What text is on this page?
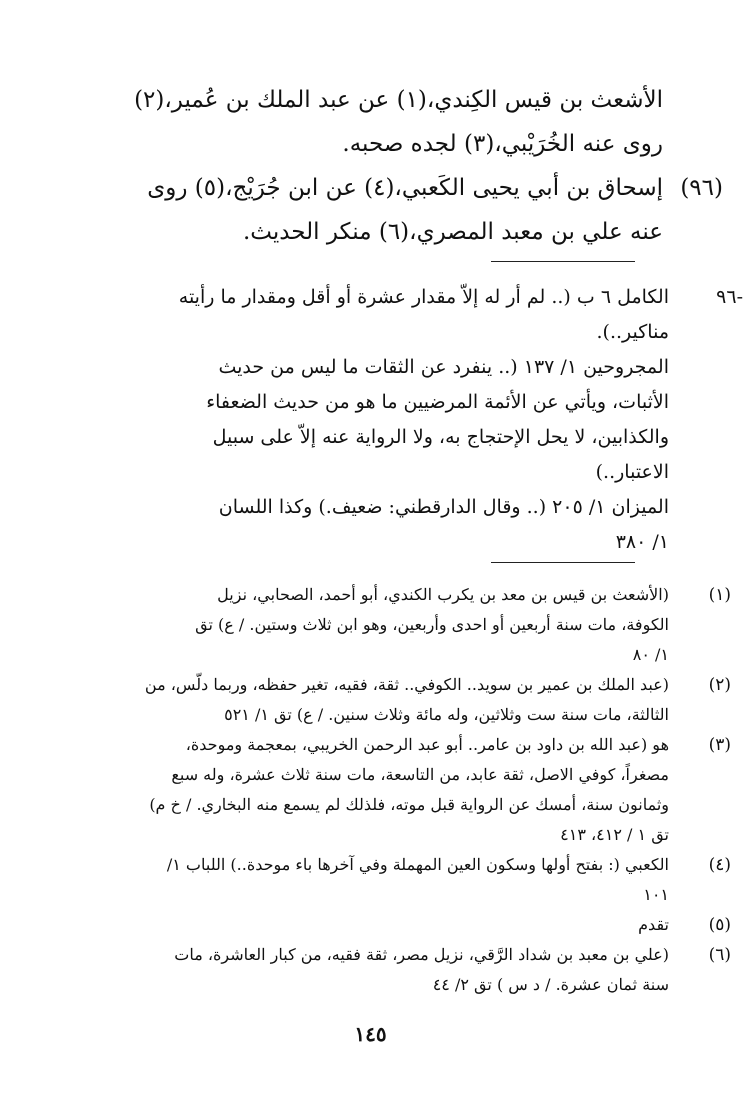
الأشعث بن قيس الكِندي،(١) عن عبد الملك بن عُمير،(٢)
روى عنه الخُرَيْبي،(٣) لجده صحبه.
(٩٦)
إسحاق بن أبي يحيى الكَعبي،(٤) عن ابن جُرَيْج،(٥) روى
عنه علي بن معبد المصري،(٦) منكر الحديث.
-٩٦
الكامل ٦ ب (.. لم أر له إلاّ مقدار عشرة أو أقل ومقدار ما رأيته
مناكير..).
المجروحين ١/ ١٣٧ (.. ينفرد عن الثقات ما ليس من حديث
الأثبات، ويأتي عن الأئمة المرضيين ما هو من حديث الضعفاء
والكذابين، لا يحل الإحتجاج به، ولا الرواية عنه إلاّ على سبيل
الاعتبار..)
الميزان ١/ ٢٠٥ (.. وقال الدارقطني: ضعيف.) وكذا اللسان
١/ ٣٨٠
(١)
(الأشعث بن قيس بن معد بن يكرب الكندي، أبو أحمد، الصحابي، نزيل
الكوفة، مات سنة أربعين أو احدى وأربعين، وهو ابن ثلاث وستين. / ع) تق
١/ ٨٠
(٢)
(عبد الملك بن عمير بن سويد.. الكوفي.. ثقة، فقيه، تغير حفظه، وربما دلّس، من
الثالثة، مات سنة ست وثلاثين، وله مائة وثلاث سنين. / ع) تق ١/ ٥٢١
(٣)
هو (عبد الله بن داود بن عامر.. أبو عبد الرحمن الخريبي، بمعجمة وموحدة،
مصغراً، كوفي الاصل، ثقة عابد، من التاسعة، مات سنة ثلاث عشرة، وله سبع
وثمانون سنة، أمسك عن الرواية قبل موته، فلذلك لم يسمع منه البخاري. / خ م)
تق ١ / ٤١٢، ٤١٣
(٤)
الكعبي (: بفتح أولها وسكون العين المهملة وفي آخرها باء موحدة..) اللباب ١/
١٠١
(٥)
تقدم
(٦)
(علي بن معبد بن شداد الرَّقي، نزيل مصر، ثقة فقيه، من كبار العاشرة، مات
سنة ثمان عشرة. / د س ) تق ٢/ ٤٤
١٤٥
